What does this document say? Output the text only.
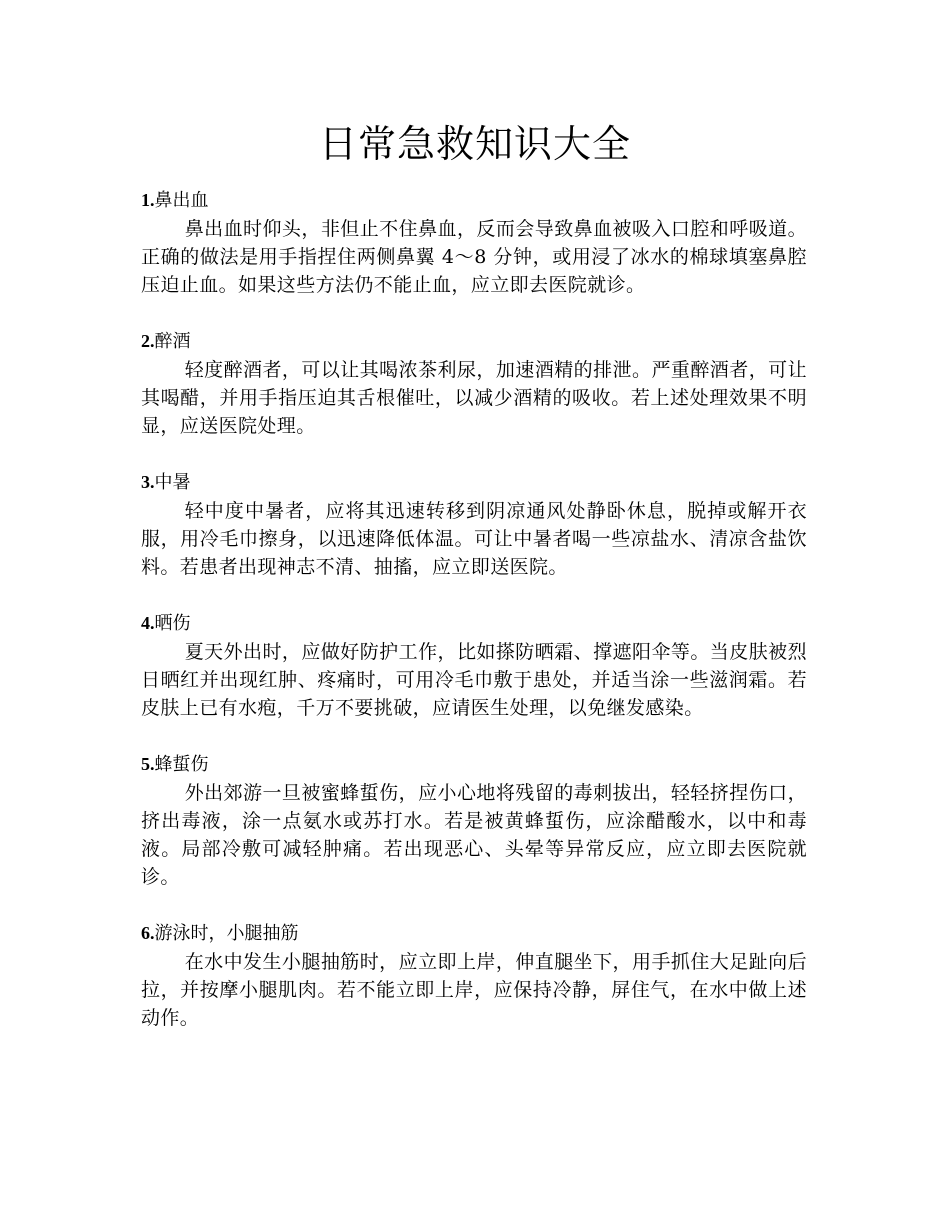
日常急救知识大全

1.鼻出血

鼻出血时仰头，非但止不住鼻血，反而会导致鼻血被吸入口腔和呼吸道。正确的做法是用手指捏住两侧鼻翼 4～8 分钟，或用浸了冰水的棉球填塞鼻腔压迫止血。如果这些方法仍不能止血，应立即去医院就诊。

2.醉酒

轻度醉酒者，可以让其喝浓茶利尿，加速酒精的排泄。严重醉酒者，可让其喝醋，并用手指压迫其舌根催吐，以减少酒精的吸收。若上述处理效果不明显，应送医院处理。

3.中暑

轻中度中暑者，应将其迅速转移到阴凉通风处静卧休息，脱掉或解开衣服，用冷毛巾擦身，以迅速降低体温。可让中暑者喝一些凉盐水、清凉含盐饮料。若患者出现神志不清、抽搐，应立即送医院。

4.晒伤

夏天外出时，应做好防护工作，比如搽防晒霜、撑遮阳伞等。当皮肤被烈日晒红并出现红肿、疼痛时，可用冷毛巾敷于患处，并适当涂一些滋润霜。若皮肤上已有水疱，千万不要挑破，应请医生处理，以免继发感染。

5.蜂蜇伤

外出郊游一旦被蜜蜂蜇伤，应小心地将残留的毒刺拔出，轻轻挤捏伤口，挤出毒液，涂一点氨水或苏打水。若是被黄蜂蜇伤，应涂醋酸水，以中和毒液。局部冷敷可减轻肿痛。若出现恶心、头晕等异常反应，应立即去医院就诊。

6.游泳时，小腿抽筋

在水中发生小腿抽筋时，应立即上岸，伸直腿坐下，用手抓住大足趾向后拉，并按摩小腿肌肉。若不能立即上岸，应保持冷静，屏住气，在水中做上述动作。
